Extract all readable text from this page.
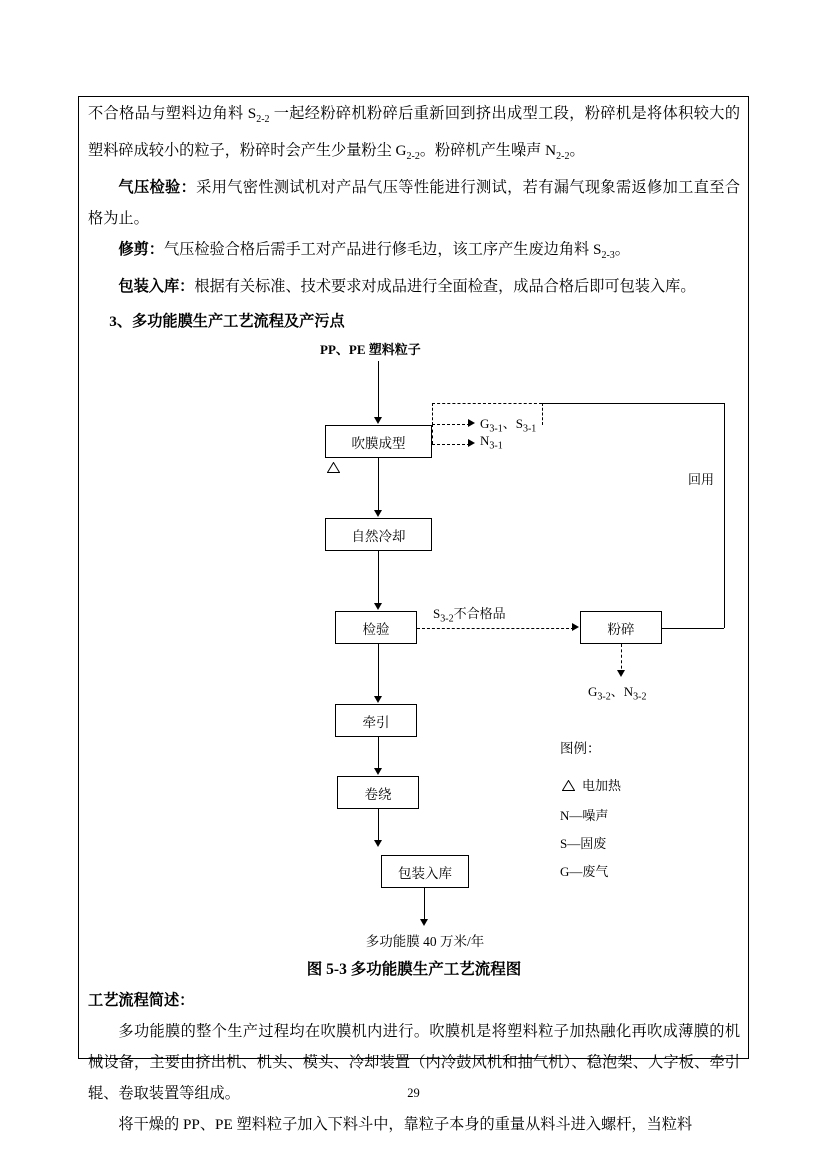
不合格品与塑料边角料 $S_{2-2}$ 一起经粉碎机粉碎后重新回到挤出成型工段，粉碎机是将体积较大的塑料碎成较小的粒子，粉碎时会产生少量粉尘 $G_{2-2}$。粉碎机产生噪声 $N_{2-2}$。

气压检验：采用气密性测试机对产品气压等性能进行测试，若有漏气现象需返修加工直至合格为止。

修剪：气压检验合格后需手工对产品进行修毛边，该工序产生废边角料 $S_{2-3}$。

包装入库：根据有关标准、技术要求对成品进行全面检查，成品合格后即可包装入库。

3、多功能膜生产工艺流程及产污点

PP、PE 塑料粒子
吹膜成型
$G_{3-1}$、$S_{3-1}$
$N_{3-1}$
自然冷却
检验
$S_{3-2}$不合格品
粉碎
$G_{3-2}$、$N_{3-2}$
回用
牵引
卷绕
图例：
电加热
N—噪声
S—固废
G—废气
包装入库
多功能膜 40 万米/年
图 5-3 多功能膜生产工艺流程图

工艺流程简述：

多功能膜的整个生产过程均在吹膜机内进行。吹膜机是将塑料粒子加热融化再吹成薄膜的机械设备，主要由挤出机、机头、模头、冷却装置（内冷鼓风机和抽气机）、稳泡架、人字板、牵引辊、卷取装置等组成。

将干燥的 PP、PE 塑料粒子加入下料斗中，靠粒子本身的重量从料斗进入螺杆，当粒料

29
